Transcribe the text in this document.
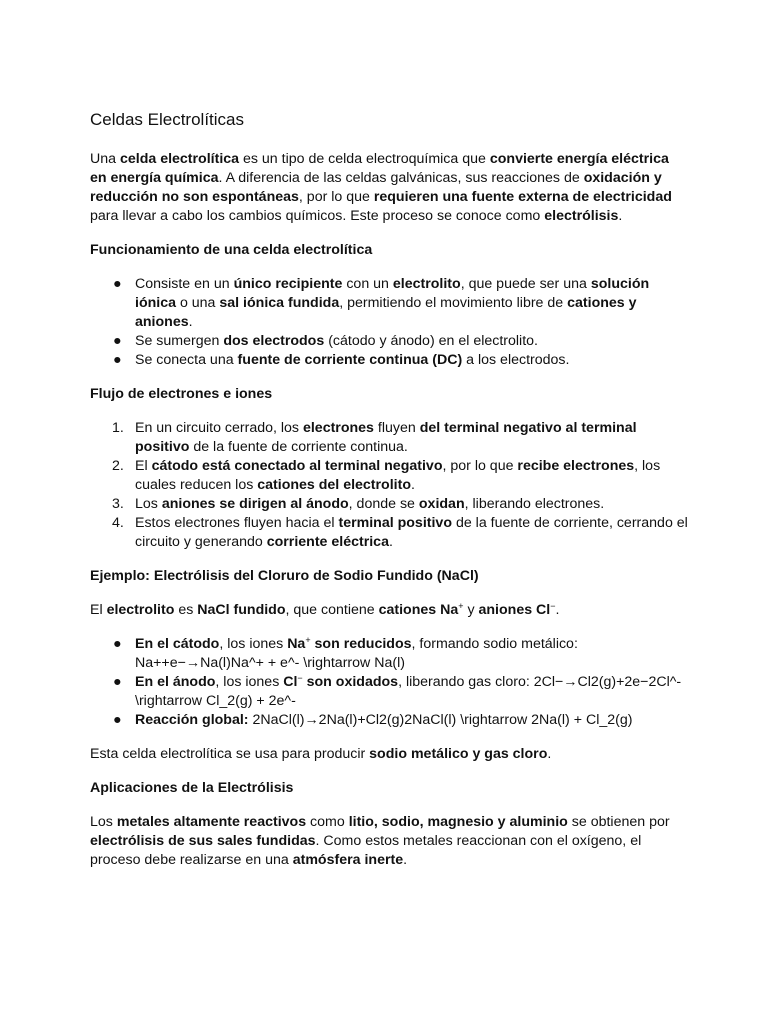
Celdas Electrolíticas

Una celda electrolítica es un tipo de celda electroquímica que convierte energía eléctrica en energía química. A diferencia de las celdas galvánicas, sus reacciones de oxidación y reducción no son espontáneas, por lo que requieren una fuente externa de electricidad para llevar a cabo los cambios químicos. Este proceso se conoce como electrólisis.

Funcionamiento de una celda electrolítica
● Consiste en un único recipiente con un electrolito, que puede ser una solución iónica o una sal iónica fundida, permitiendo el movimiento libre de cationes y aniones.
● Se sumergen dos electrodos (cátodo y ánodo) en el electrolito.
● Se conecta una fuente de corriente continua (DC) a los electrodos.
Flujo de electrones e iones
1. En un circuito cerrado, los electrones fluyen del terminal negativo al terminal positivo de la fuente de corriente continua.
2. El cátodo está conectado al terminal negativo, por lo que recibe electrones, los cuales reducen los cationes del electrolito.
3. Los aniones se dirigen al ánodo, donde se oxidan, liberando electrones.
4. Estos electrones fluyen hacia el terminal positivo de la fuente de corriente, cerrando el circuito y generando corriente eléctrica.
Ejemplo: Electrólisis del Cloruro de Sodio Fundido (NaCl)

El electrolito es NaCl fundido, que contiene cationes Na+ y aniones Cl−.

● En el cátodo, los iones Na+ son reducidos, formando sodio metálico: Na++e−→Na(l)Na^+ + e^- \rightarrow Na(l)
● En el ánodo, los iones Cl− son oxidados, liberando gas cloro: 2Cl−→Cl2(g)+2e−2Cl^- \rightarrow Cl_2(g) + 2e^-
● Reacción global: 2NaCl(l)→2Na(l)+Cl2(g)2NaCl(l) \rightarrow 2Na(l) + Cl_2(g)

Esta celda electrolítica se usa para producir sodio metálico y gas cloro.

Aplicaciones de la Electrólisis

Los metales altamente reactivos como litio, sodio, magnesio y aluminio se obtienen por electrólisis de sus sales fundidas. Como estos metales reaccionan con el oxígeno, el proceso debe realizarse en una atmósfera inerte.
